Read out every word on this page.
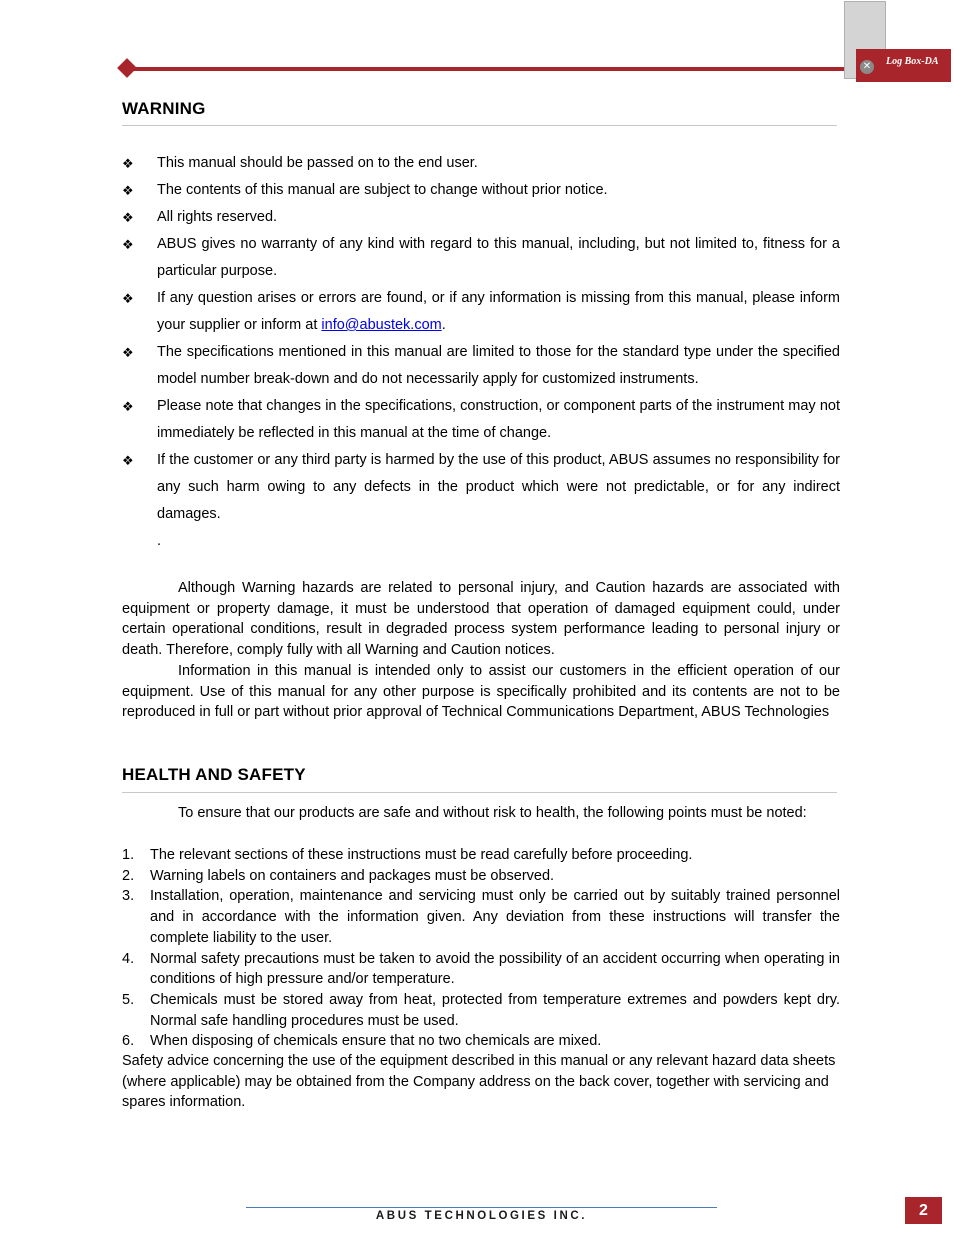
✕ Log Box-DA
WARNING
❖ This manual should be passed on to the end user.
❖ The contents of this manual are subject to change without prior notice.
❖ All rights reserved.
❖ ABUS gives no warranty of any kind with regard to this manual, including, but not limited to, fitness for a particular purpose.
❖ If any question arises or errors are found, or if any information is missing from this manual, please inform your supplier or inform at info@abustek.com.
❖ The specifications mentioned in this manual are limited to those for the standard type under the specified model number break-down and do not necessarily apply for customized instruments.
❖ Please note that changes in the specifications, construction, or component parts of the instrument may not immediately be reflected in this manual at the time of change.
❖ If the customer or any third party is harmed by the use of this product, ABUS assumes no responsibility for any such harm owing to any defects in the product which were not predictable, or for any indirect damages.
.

Although Warning hazards are related to personal injury, and Caution hazards are associated with equipment or property damage, it must be understood that operation of damaged equipment could, under certain operational conditions, result in degraded process system performance leading to personal injury or death. Therefore, comply fully with all Warning and Caution notices.

Information in this manual is intended only to assist our customers in the efficient operation of our equipment. Use of this manual for any other purpose is specifically prohibited and its contents are not to be reproduced in full or part without prior approval of Technical Communications Department, ABUS Technologies

HEALTH AND SAFETY

To ensure that our products are safe and without risk to health, the following points must be noted:

1. The relevant sections of these instructions must be read carefully before proceeding.
2. Warning labels on containers and packages must be observed.
3. Installation, operation, maintenance and servicing must only be carried out by suitably trained personnel and in accordance with the information given. Any deviation from these instructions will transfer the complete liability to the user.
4. Normal safety precautions must be taken to avoid the possibility of an accident occurring when operating in conditions of high pressure and/or temperature.
5. Chemicals must be stored away from heat, protected from temperature extremes and powders kept dry. Normal safe handling procedures must be used.
6. When disposing of chemicals ensure that no two chemicals are mixed.

Safety advice concerning the use of the equipment described in this manual or any relevant hazard data sheets (where applicable) may be obtained from the Company address on the back cover, together with servicing and spares information.

ABUS TECHNOLOGIES INC.	2
